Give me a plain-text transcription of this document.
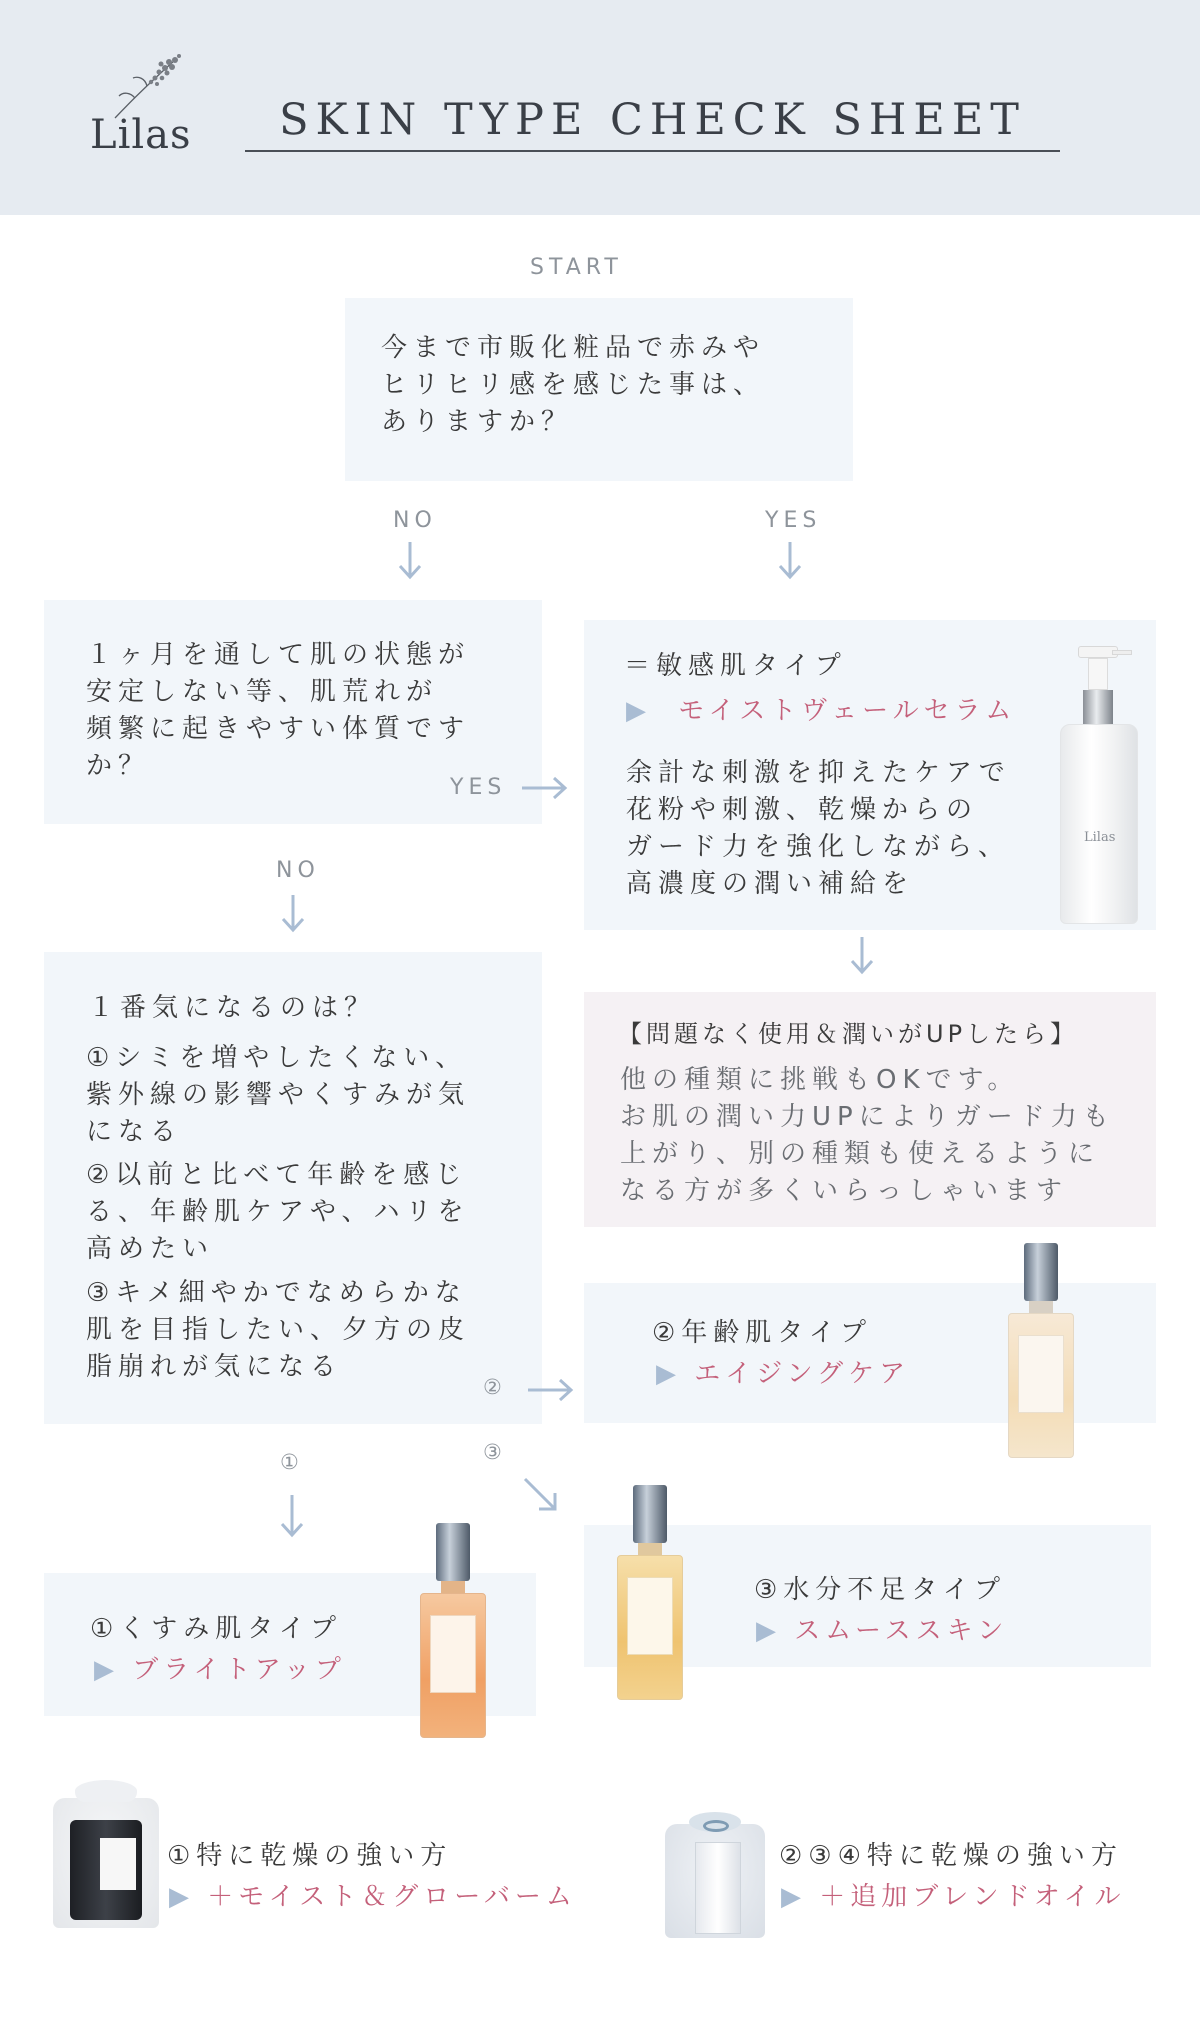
Lilas	SKIN TYPE CHECK SHEET
START
今まで市販化粧品で赤みや
ヒリヒリ感を感じた事は、
ありますか？
NO	YES
１ヶ月を通して肌の状態が
安定しない等、肌荒れが
頻繁に起きやすい体質です
か？
＝敏感肌タイプ
▶ モイストヴェールセラム
余計な刺激を抑えたケアで
花粉や刺激、乾燥からの
ガード力を強化しながら、
高濃度の潤い補給を
Lilas
YES
NO
【問題なく使用＆潤いがUPしたら】
他の種類に挑戦もOKです。
お肌の潤い力UPによりガード力も
上がり、別の種類も使えるように
なる方が多くいらっしゃいます
１番気になるのは？
①シミを増やしたくない、
紫外線の影響やくすみが気
になる
②以前と比べて年齢を感じ
る、年齢肌ケアや、ハリを
高めたい
③キメ細やかでなめらかな
肌を目指したい、夕方の皮
脂崩れが気になる
②年齢肌タイプ
▶ エイジングケア
②
③
①
③水分不足タイプ
▶ スムーススキン
①くすみ肌タイプ
▶ ブライトアップ
①特に乾燥の強い方
▶ ＋モイスト＆グローバーム
②③④特に乾燥の強い方
▶ ＋追加ブレンドオイル
